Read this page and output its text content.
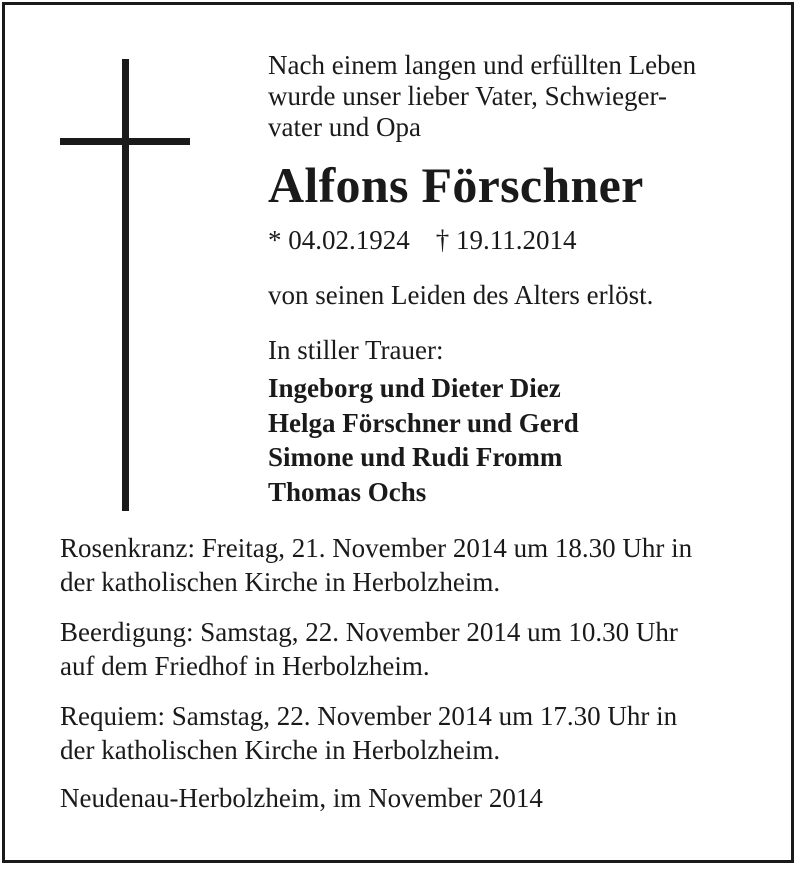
Nach einem langen und erfüllten Leben
wurde unser lieber Vater, Schwieger-
vater und Opa

Alfons Förschner

* 04.02.1924 † 19.11.2014

von seinen Leiden des Alters erlöst.

In stiller Trauer:

Ingeborg und Dieter Diez
Helga Förschner und Gerd
Simone und Rudi Fromm
Thomas Ochs

Rosenkranz: Freitag, 21. November 2014 um 18.30 Uhr in
der katholischen Kirche in Herbolzheim.

Beerdigung: Samstag, 22. November 2014 um 10.30 Uhr
auf dem Friedhof in Herbolzheim.

Requiem: Samstag, 22. November 2014 um 17.30 Uhr in
der katholischen Kirche in Herbolzheim.

Neudenau-Herbolzheim, im November 2014
